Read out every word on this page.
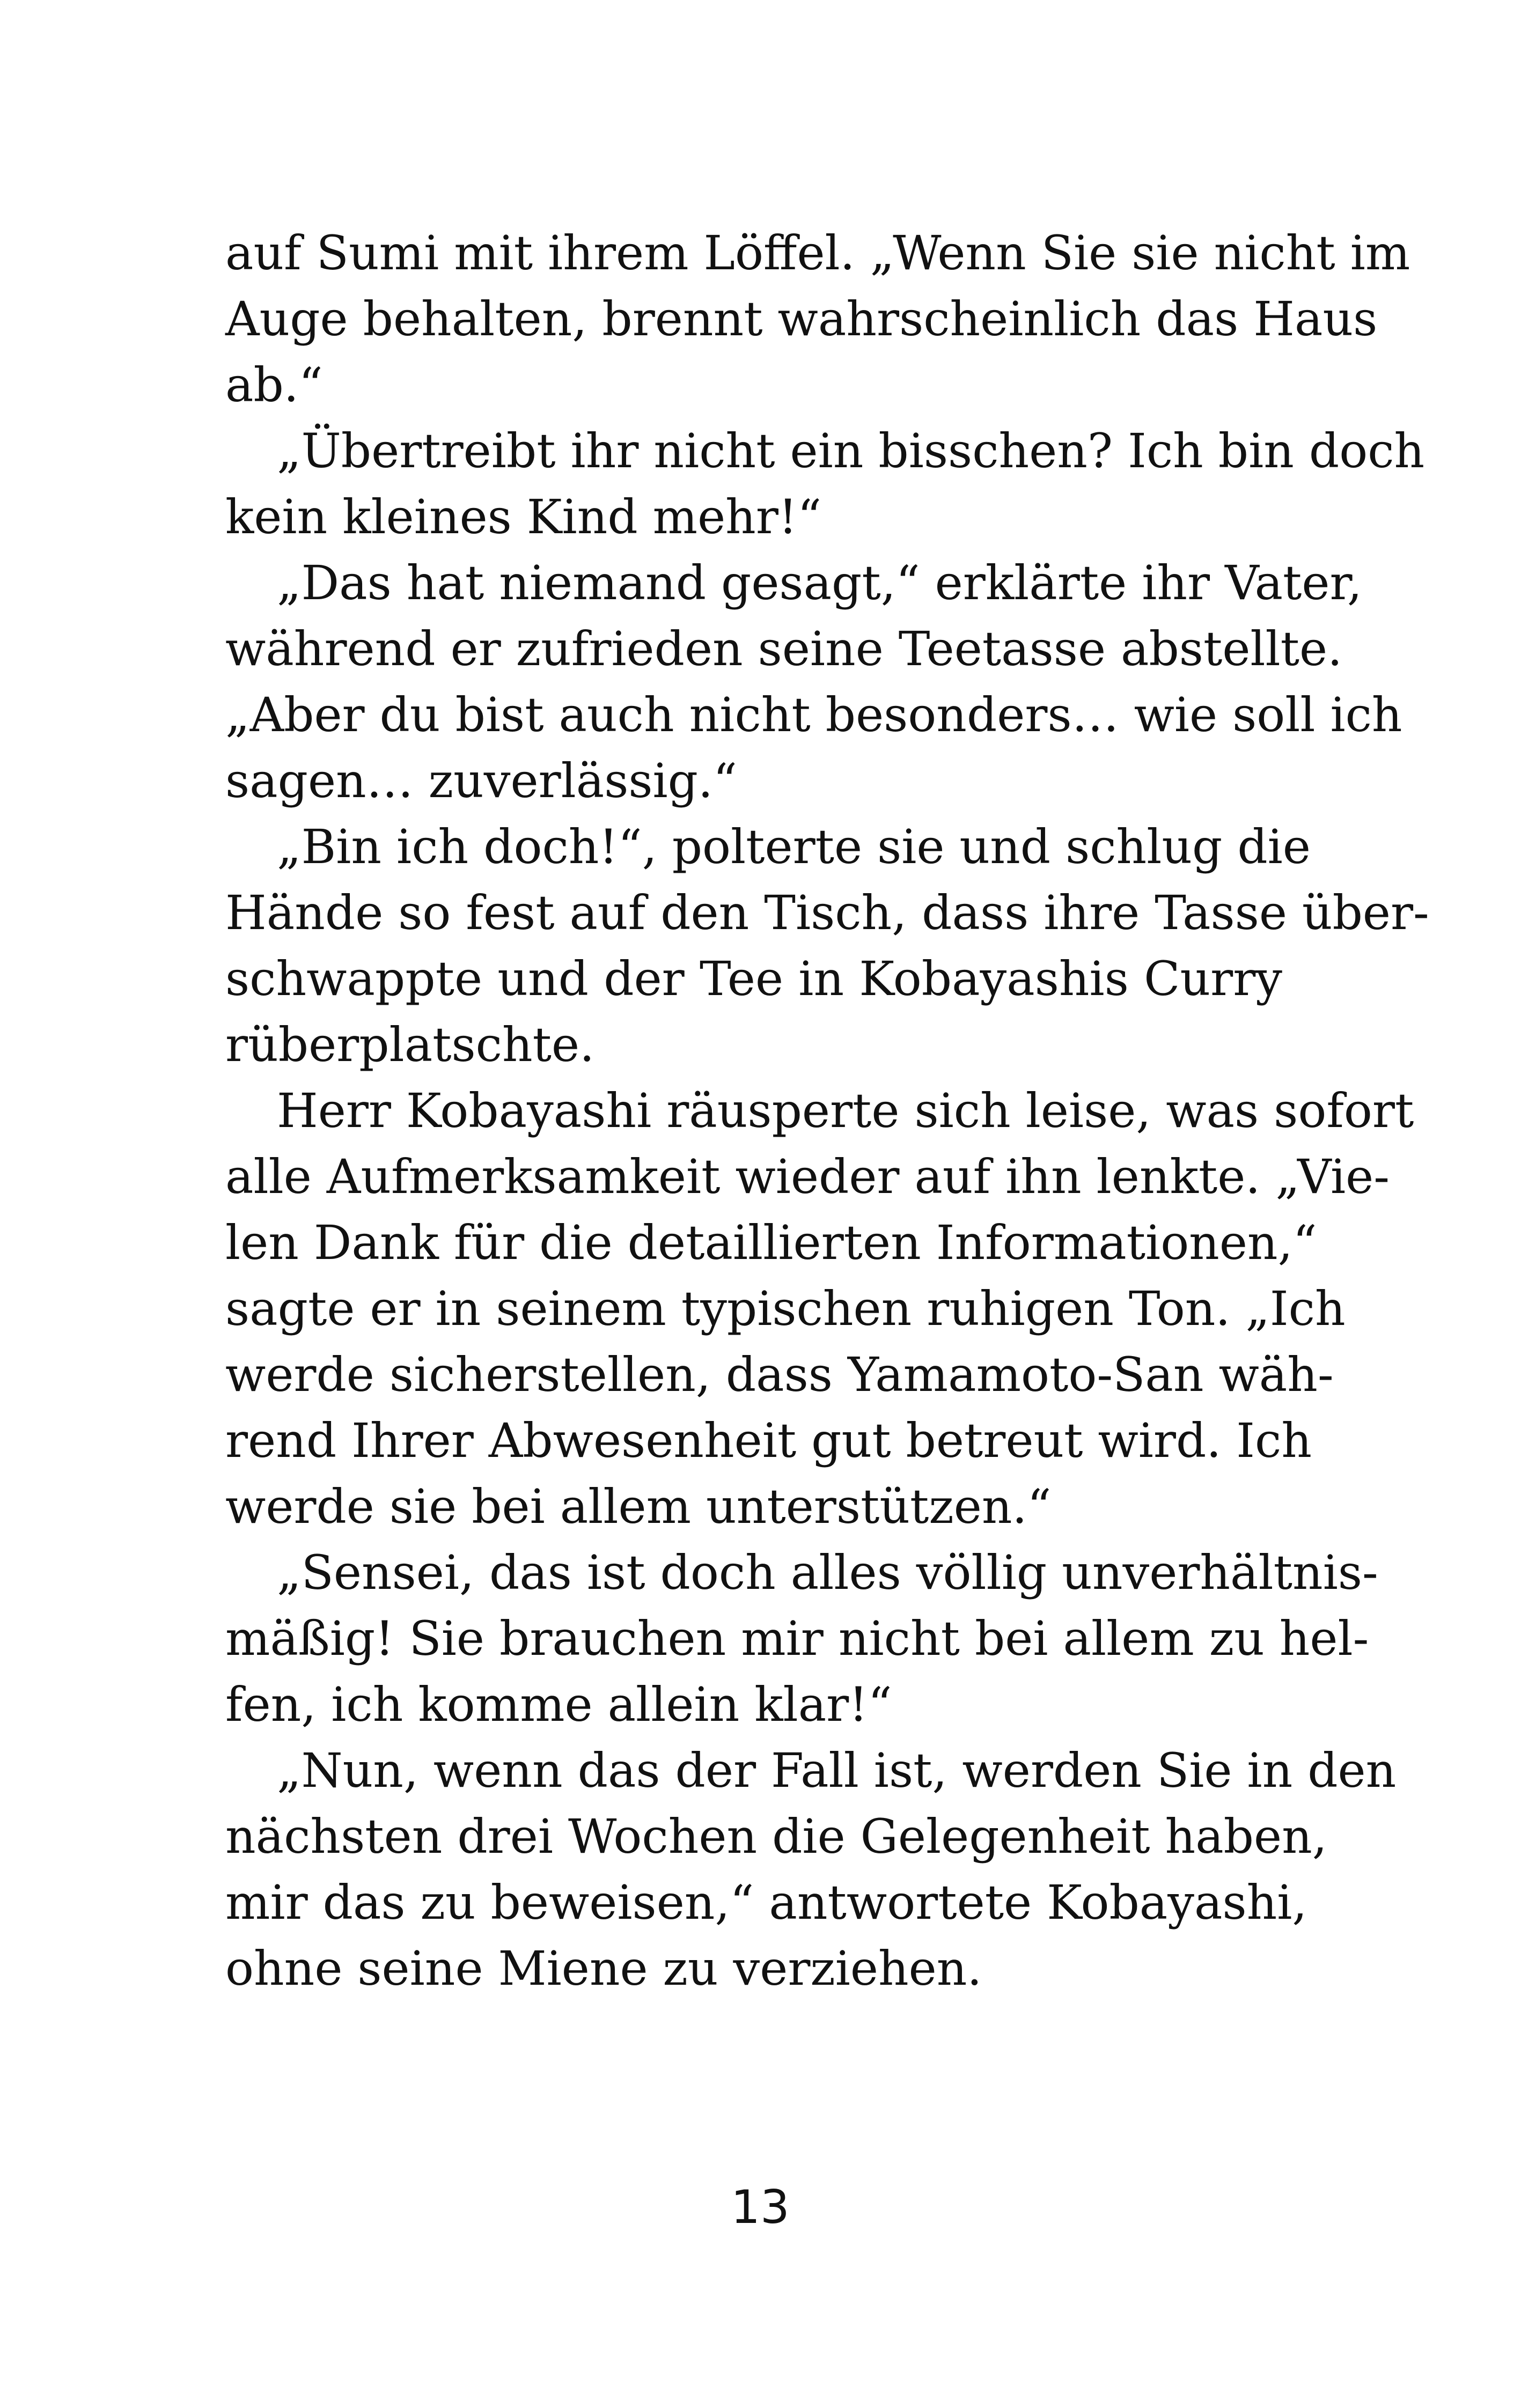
auf Sumi mit ihrem Löffel. „Wenn Sie sie nicht im
Auge behalten, brennt wahrscheinlich das Haus
ab.“
„Übertreibt ihr nicht ein bisschen? Ich bin doch
kein kleines Kind mehr!“
„Das hat niemand gesagt,“ erklärte ihr Vater,
während er zufrieden seine Teetasse abstellte.
„Aber du bist auch nicht besonders… wie soll ich
sagen… zuverlässig.“
„Bin ich doch!“, polterte sie und schlug die
Hände so fest auf den Tisch, dass ihre Tasse über-
schwappte und der Tee in Kobayashis Curry
rüberplatschte.
Herr Kobayashi räusperte sich leise, was sofort
alle Aufmerksamkeit wieder auf ihn lenkte. „Vie-
len Dank für die detaillierten Informationen,“
sagte er in seinem typischen ruhigen Ton. „Ich
werde sicherstellen, dass Yamamoto-San wäh-
rend Ihrer Abwesenheit gut betreut wird. Ich
werde sie bei allem unterstützen.“
„Sensei, das ist doch alles völlig unverhältnis-
mäßig! Sie brauchen mir nicht bei allem zu hel-
fen, ich komme allein klar!“
„Nun, wenn das der Fall ist, werden Sie in den
nächsten drei Wochen die Gelegenheit haben,
mir das zu beweisen,“ antwortete Kobayashi,
ohne seine Miene zu verziehen.
13
